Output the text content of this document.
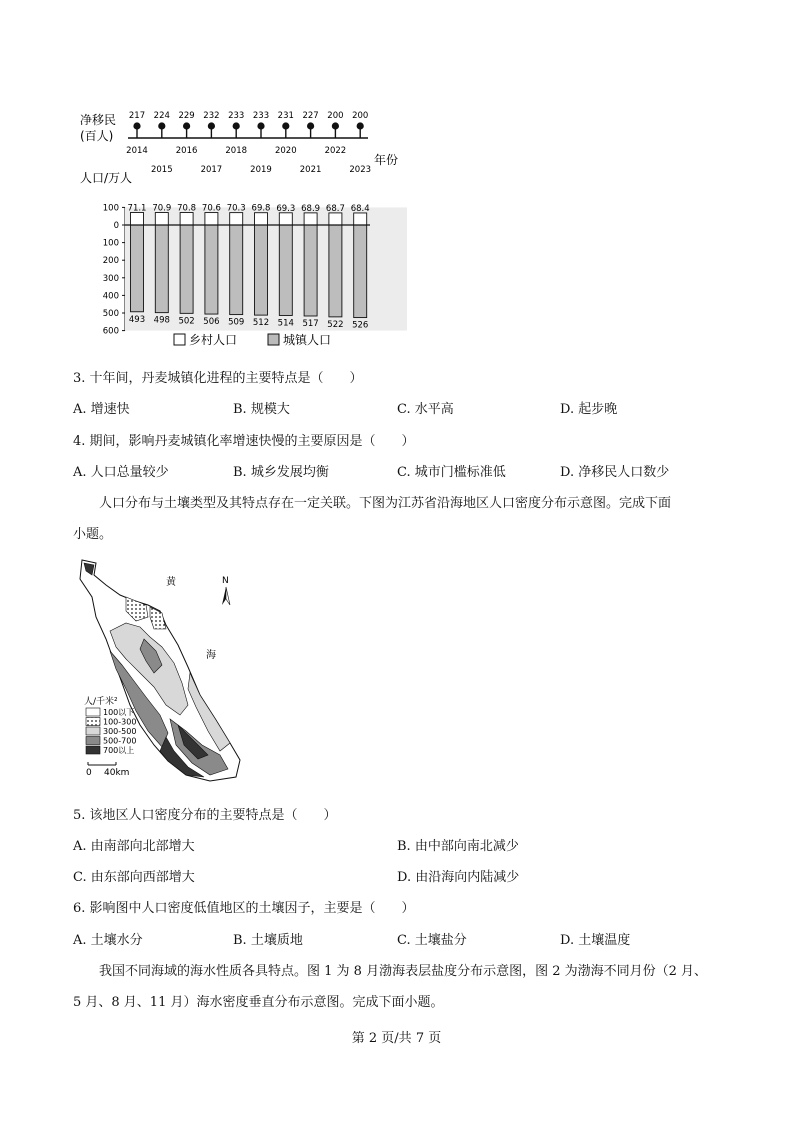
净移民
(百人)
217
2014
224
2015
229
2016
232
2017
233
2018
233
2019
231
2020
227
2021
200
2022
200
2023
年份
人口/万人
100
0
100
200
300
400
500
600
71.1
493
70.9
498
70.8
502
70.6
506
70.3
509
69.8
512
69.3
514
68.9
517
68.7
522
68.4
526
乡村人口	城镇人口
3. 十年间，丹麦城镇化进程的主要特点是（　　）
A. 增速快	B. 规模大	C. 水平高	D. 起步晚
4. 期间，影响丹麦城镇化率增速快慢的主要原因是（　　）
A. 人口总量较少	B. 城乡发展均衡	C. 城市门槛标准低	D. 净移民人口数少
人口分布与土壤类型及其特点存在一定关联。下图为江苏省沿海地区人口密度分布示意图。完成下面
小题。
黄
海
N
人/千米²
100以下
100-300
300-500
500-700
700以上
0 40km
5. 该地区人口密度分布的主要特点是（　　）
A. 由南部向北部增大	B. 由中部向南北减少
C. 由东部向西部增大	D. 由沿海向内陆减少
6. 影响图中人口密度低值地区的土壤因子，主要是（　　）
A. 土壤水分	B. 土壤质地	C. 土壤盐分	D. 土壤温度
我国不同海域的海水性质各具特点。图 1 为 8 月渤海表层盐度分布示意图，图 2 为渤海不同月份（2 月、
5 月、8 月、11 月）海水密度垂直分布示意图。完成下面小题。
第 2 页/共 7 页
